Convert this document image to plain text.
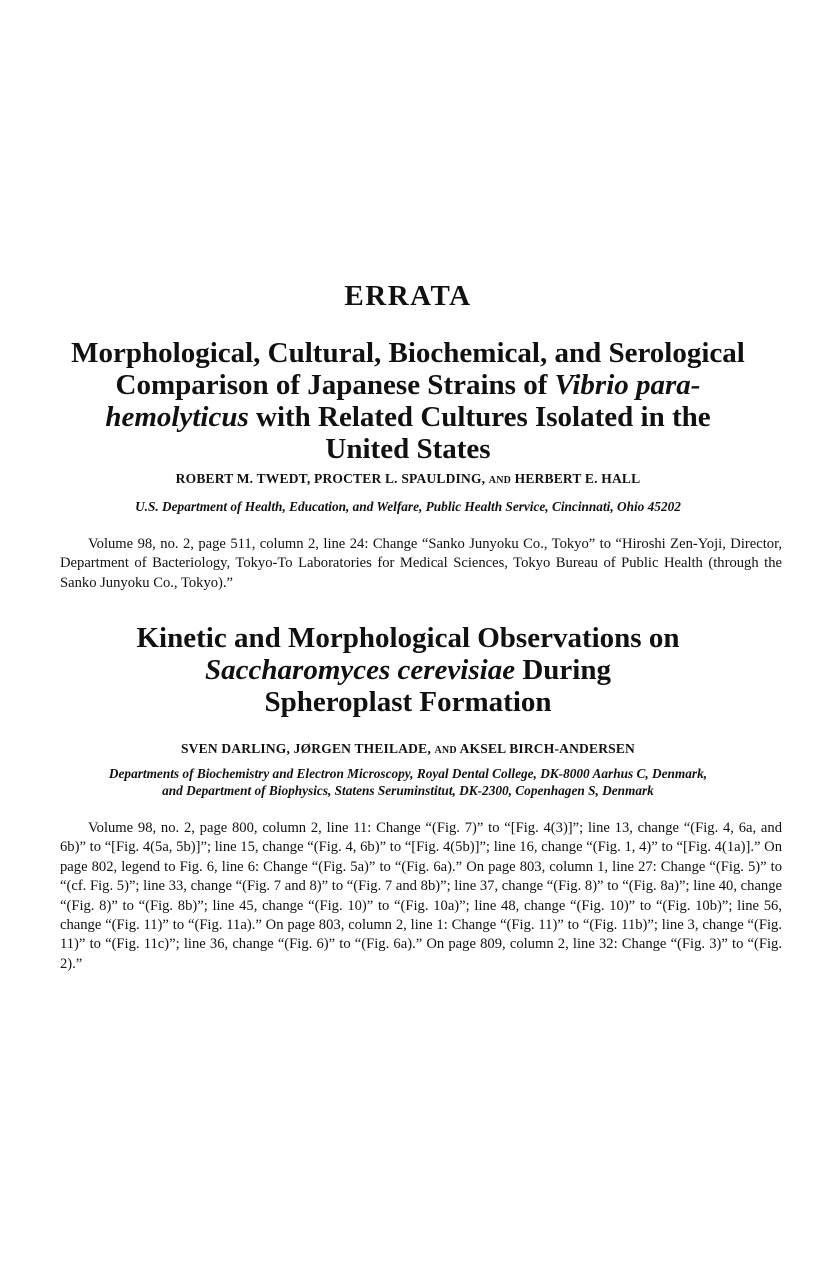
ERRATA
Morphological, Cultural, Biochemical, and Serological
Comparison of Japanese Strains of Vibrio para-
hemolyticus with Related Cultures Isolated in the
United States

ROBERT M. TWEDT, PROCTER L. SPAULDING, AND HERBERT E. HALL

U.S. Department of Health, Education, and Welfare, Public Health Service, Cincinnati, Ohio 45202

Volume 98, no. 2, page 511, column 2, line 24: Change “Sanko Junyoku Co., Tokyo” to “Hiroshi Zen-Yoji, Director, Department of Bacteriology, Tokyo-To Laboratories for Medical Sciences, Tokyo Bureau of Public Health (through the Sanko Junyoku Co., Tokyo).”

Kinetic and Morphological Observations on
Saccharomyces cerevisiae During
Spheroplast Formation

SVEN DARLING, JØRGEN THEILADE, AND AKSEL BIRCH-ANDERSEN

Departments of Biochemistry and Electron Microscopy, Royal Dental College, DK-8000 Aarhus C, Denmark,
and Department of Biophysics, Statens Seruminstitut, DK-2300, Copenhagen S, Denmark

Volume 98, no. 2, page 800, column 2, line 11: Change “(Fig. 7)” to “[Fig. 4(3)]”; line 13, change “(Fig. 4, 6a, and 6b)” to “[Fig. 4(5a, 5b)]”; line 15, change “(Fig. 4, 6b)” to “[Fig. 4(5b)]”; line 16, change “(Fig. 1, 4)” to “[Fig. 4(1a)].” On page 802, legend to Fig. 6, line 6: Change “(Fig. 5a)” to “(Fig. 6a).” On page 803, column 1, line 27: Change “(Fig. 5)” to “(cf. Fig. 5)”; line 33, change “(Fig. 7 and 8)” to “(Fig. 7 and 8b)”; line 37, change “(Fig. 8)” to “(Fig. 8a)”; line 40, change “(Fig. 8)” to “(Fig. 8b)”; line 45, change “(Fig. 10)” to “(Fig. 10a)”; line 48, change “(Fig. 10)” to “(Fig. 10b)”; line 56, change “(Fig. 11)” to “(Fig. 11a).” On page 803, column 2, line 1: Change “(Fig. 11)” to “(Fig. 11b)”; line 3, change “(Fig. 11)” to “(Fig. 11c)”; line 36, change “(Fig. 6)” to “(Fig. 6a).” On page 809, column 2, line 32: Change “(Fig. 3)” to “(Fig. 2).”
